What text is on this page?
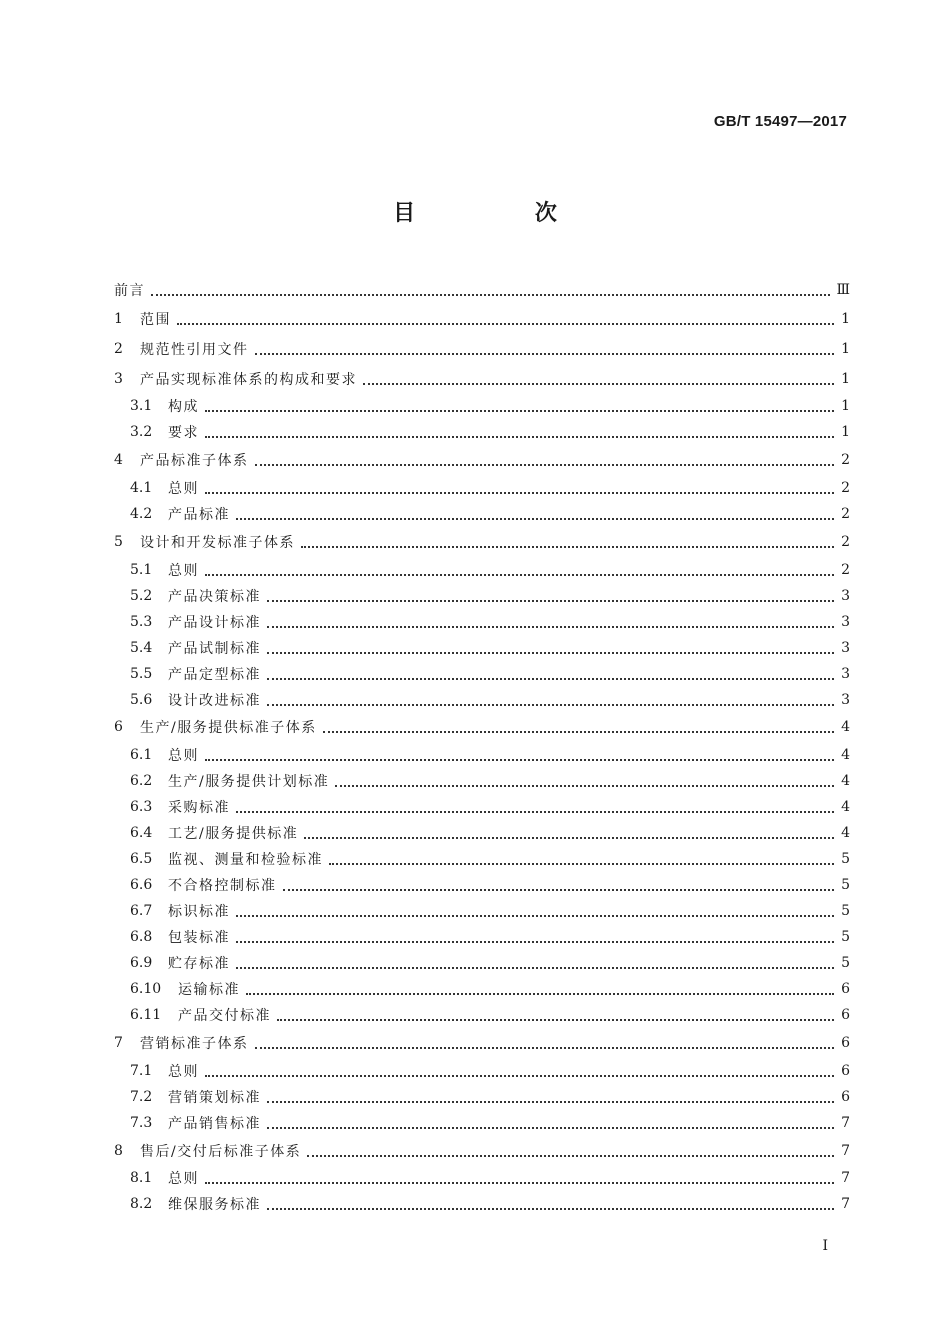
GB/T 15497—2017
目 次
前言	Ⅲ
1	范围	1
2	规范性引用文件	1
3	产品实现标准体系的构成和要求	1
3.1	构成	1
3.2	要求	1
4	产品标准子体系	2
4.1	总则	2
4.2	产品标准	2
5	设计和开发标准子体系	2
5.1	总则	2
5.2	产品决策标准	3
5.3	产品设计标准	3
5.4	产品试制标准	3
5.5	产品定型标准	3
5.6	设计改进标准	3
6	生产/服务提供标准子体系	4
6.1	总则	4
6.2	生产/服务提供计划标准	4
6.3	采购标准	4
6.4	工艺/服务提供标准	4
6.5	监视、测量和检验标准	5
6.6	不合格控制标准	5
6.7	标识标准	5
6.8	包装标准	5
6.9	贮存标准	5
6.10	运输标准	6
6.11	产品交付标准	6
7	营销标准子体系	6
7.1	总则	6
7.2	营销策划标准	6
7.3	产品销售标准	7
8	售后/交付后标准子体系	7
8.1	总则	7
8.2	维保服务标准	7
I
